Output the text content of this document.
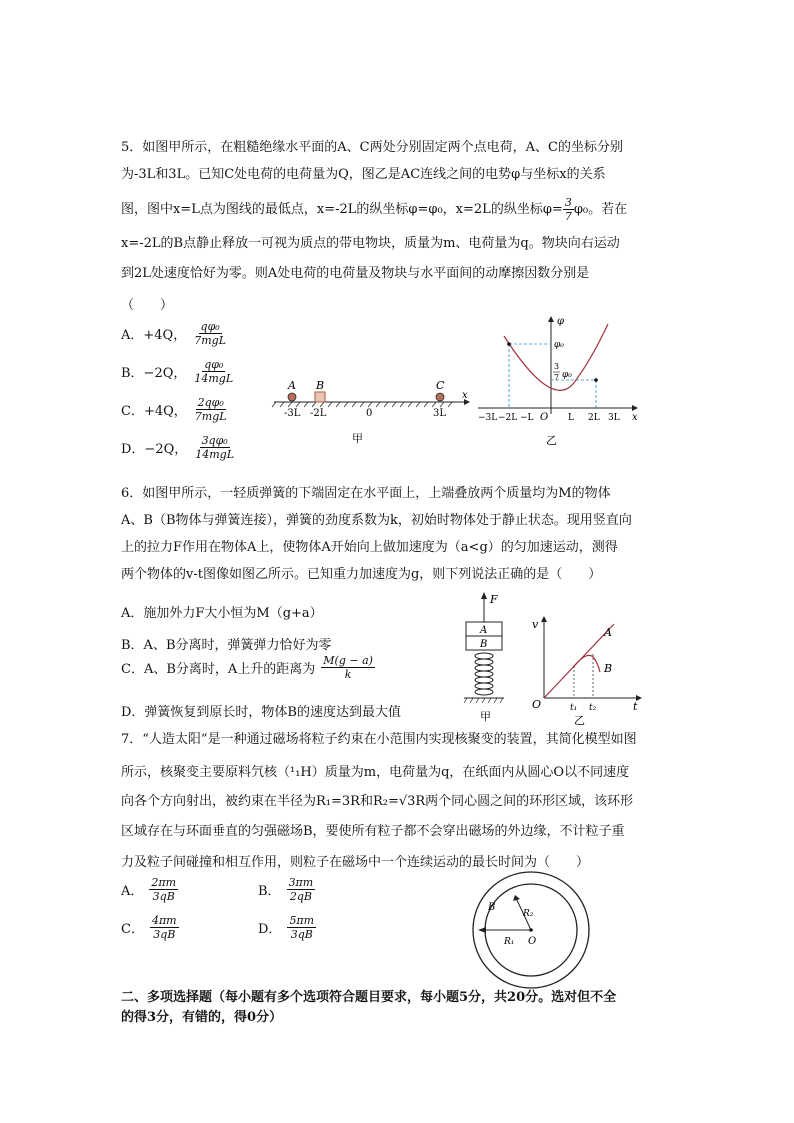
5．如图甲所示，在粗糙绝缘水平面的A、C两处分别固定两个点电荷，A、C的坐标分别
为-3L和3L。已知C处电荷的电荷量为Q，图乙是AC连线之间的电势φ与坐标x的关系
图，图中x=L点为图线的最低点，x=-2L的纵坐标φ=φ₀，x=2L的纵坐标$\varphi= \frac{3}{7} \varphi_0$。若在
x=-2L的B点静止释放一可视为质点的带电物块，质量为m、电荷量为q。物块向右运动
到2L处速度恰好为零。则A处电荷的电荷量及物块与水平面间的动摩擦因数分别是
（　　）
A．+4Q， $\frac{\text{qφ₀}}{\text{7mgL}}$
B．−2Q， $\frac{\text{qφ₀}}{\text{14mgL}}$
C．+4Q， $\frac{\text{2qφ₀}}{\text{7mgL}}$
D．−2Q， $\frac{\text{3qφ₀}}{\text{14mgL}}$
x
A B	C
-3L -2L	0	3L
甲
x
φ
φ₀
3
7 φ₀
O
−3L −2L −L	L 2L 3L
乙
6．如图甲所示，一轻质弹簧的下端固定在水平面上，上端叠放两个质量均为M的物体
A、B（B物体与弹簧连接），弹簧的劲度系数为k，初始时物体处于静止状态。现用竖直向
上的拉力F作用在物体A上，使物体A开始向上做加速度为（a<g）的匀加速运动，测得
两个物体的v-t图像如图乙所示。已知重力加速度为g，则下列说法正确的是（　　）
A．施加外力F大小恒为M（g+a）
B．A、B分离时，弹簧弹力恰好为零
C．A、B分离时，A上升的距离为 $\frac{M(g - a)}{k}$
D．弹簧恢复到原长时，物体B的速度达到最大值
F
A
B
甲
t
v
A
B
O	t₁ t₂
乙
7．“人造太阳”是一种通过磁场将粒子约束在小范围内实现核聚变的装置，其简化模型如图
所示，核聚变主要原料氕核（¹₁H）质量为m，电荷量为q，在纸面内从圆心O以不同速度
向各个方向射出，被约束在半径为R₁=3R和R₂=√3R两个同心圆之间的环形区域，该环形
区域存在与环面垂直的匀强磁场B，要使所有粒子都不会穿出磁场的外边缘，不计粒子重
力及粒子间碰撞和相互作用，则粒子在磁场中一个连续运动的最长时间为（　　）
A． $\frac{2\pi m}{3qB}$	B． $\frac{3\pi m}{2qB}$
C． $\frac{4\pi m}{3qB}$	D． $\frac{5\pi m}{3qB}$
B
R₂
R₁ O
二、多项选择题（每小题有多个选项符合题目要求，每小题5分，共20分。选对但不全
的得3分，有错的，得0分）
